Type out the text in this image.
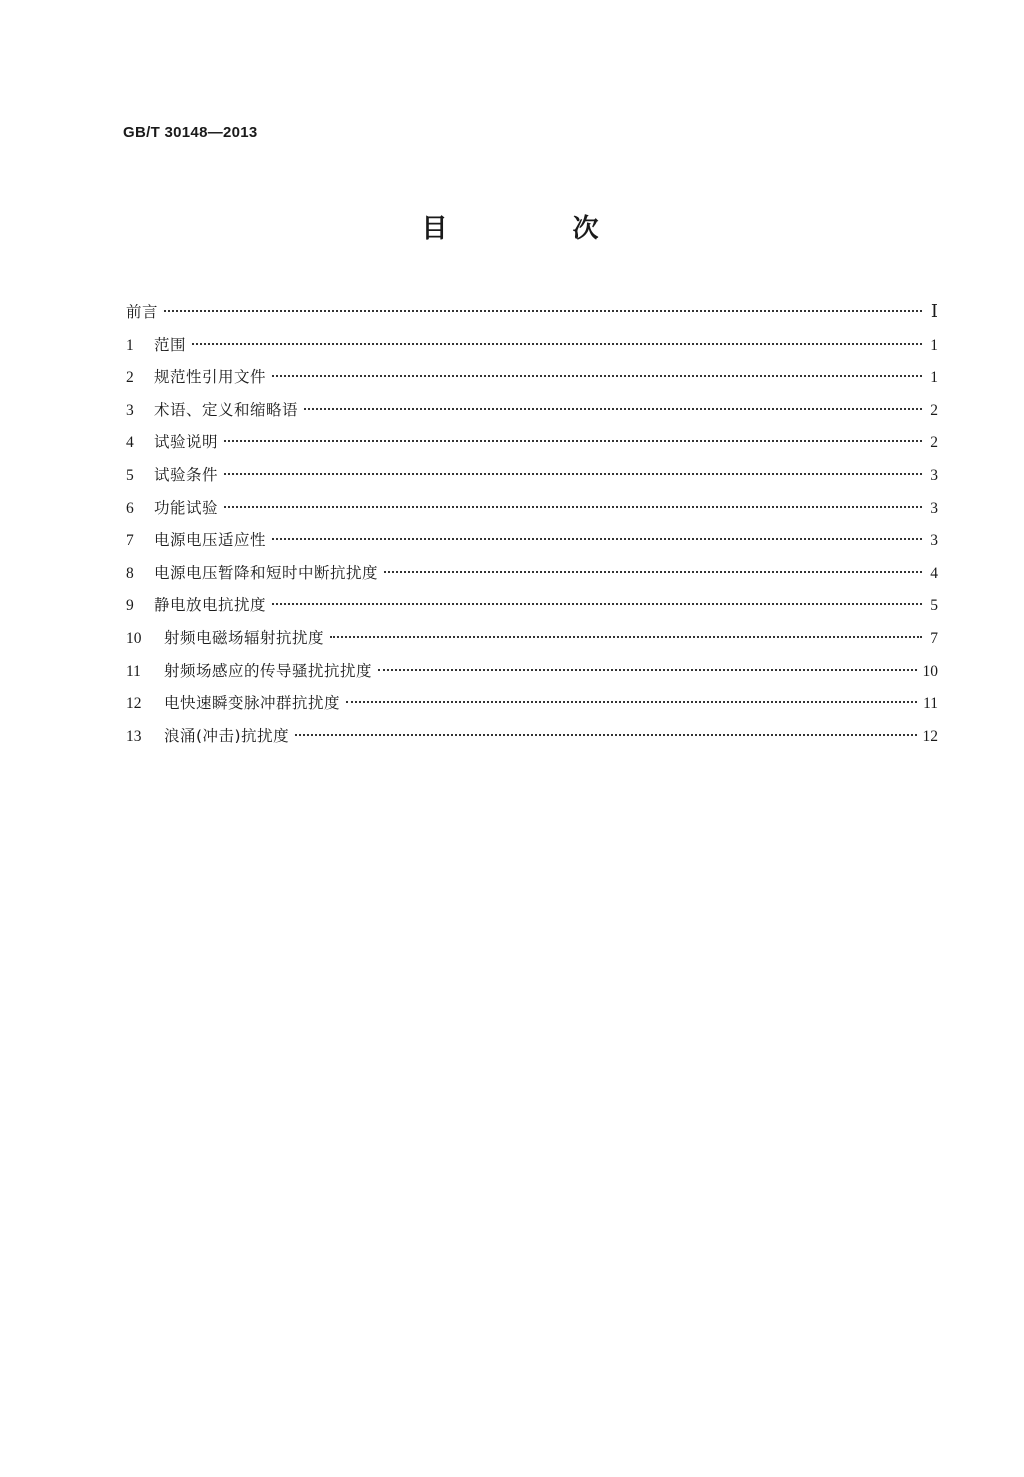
GB/T 30148—2013
目 次
前言	Ⅰ
1	范围	1
2	规范性引用文件	1
3	术语、定义和缩略语	2
4	试验说明	2
5	试验条件	3
6	功能试验	3
7	电源电压适应性	3
8	电源电压暂降和短时中断抗扰度	4
9	静电放电抗扰度	5
10	射频电磁场辐射抗扰度	7
11	射频场感应的传导骚扰抗扰度	10
12	电快速瞬变脉冲群抗扰度	11
13	浪涌(冲击)抗扰度	12
